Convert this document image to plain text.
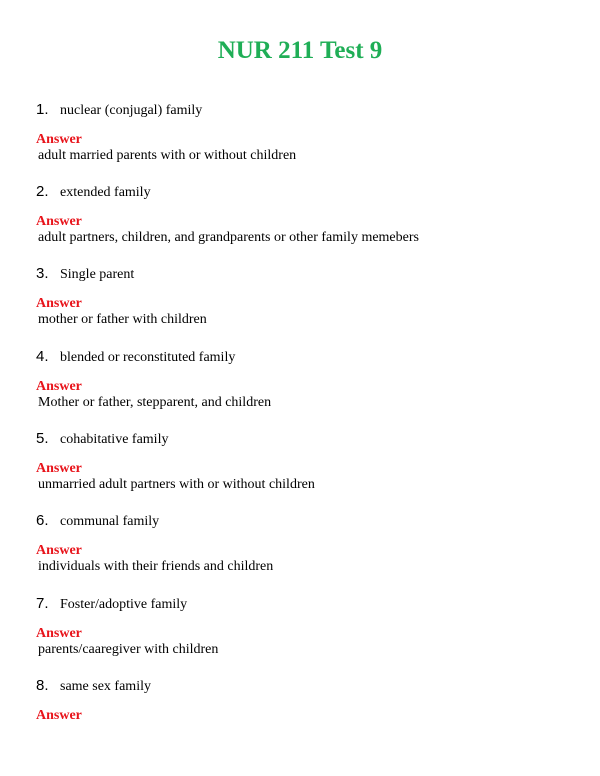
NUR 211 Test 9
1. nuclear (conjugal) family
Answer
adult married parents with or without children
2. extended family
Answer
adult partners, children, and grandparents or other family memebers
3. Single parent
Answer
mother or father with children
4. blended or reconstituted family
Answer
Mother or father, stepparent, and children
5. cohabitative family
Answer
unmarried adult partners with or without children
6. communal family
Answer
individuals with their friends and children
7. Foster/adoptive family
Answer
parents/caaregiver with children
8. same sex family
Answer
